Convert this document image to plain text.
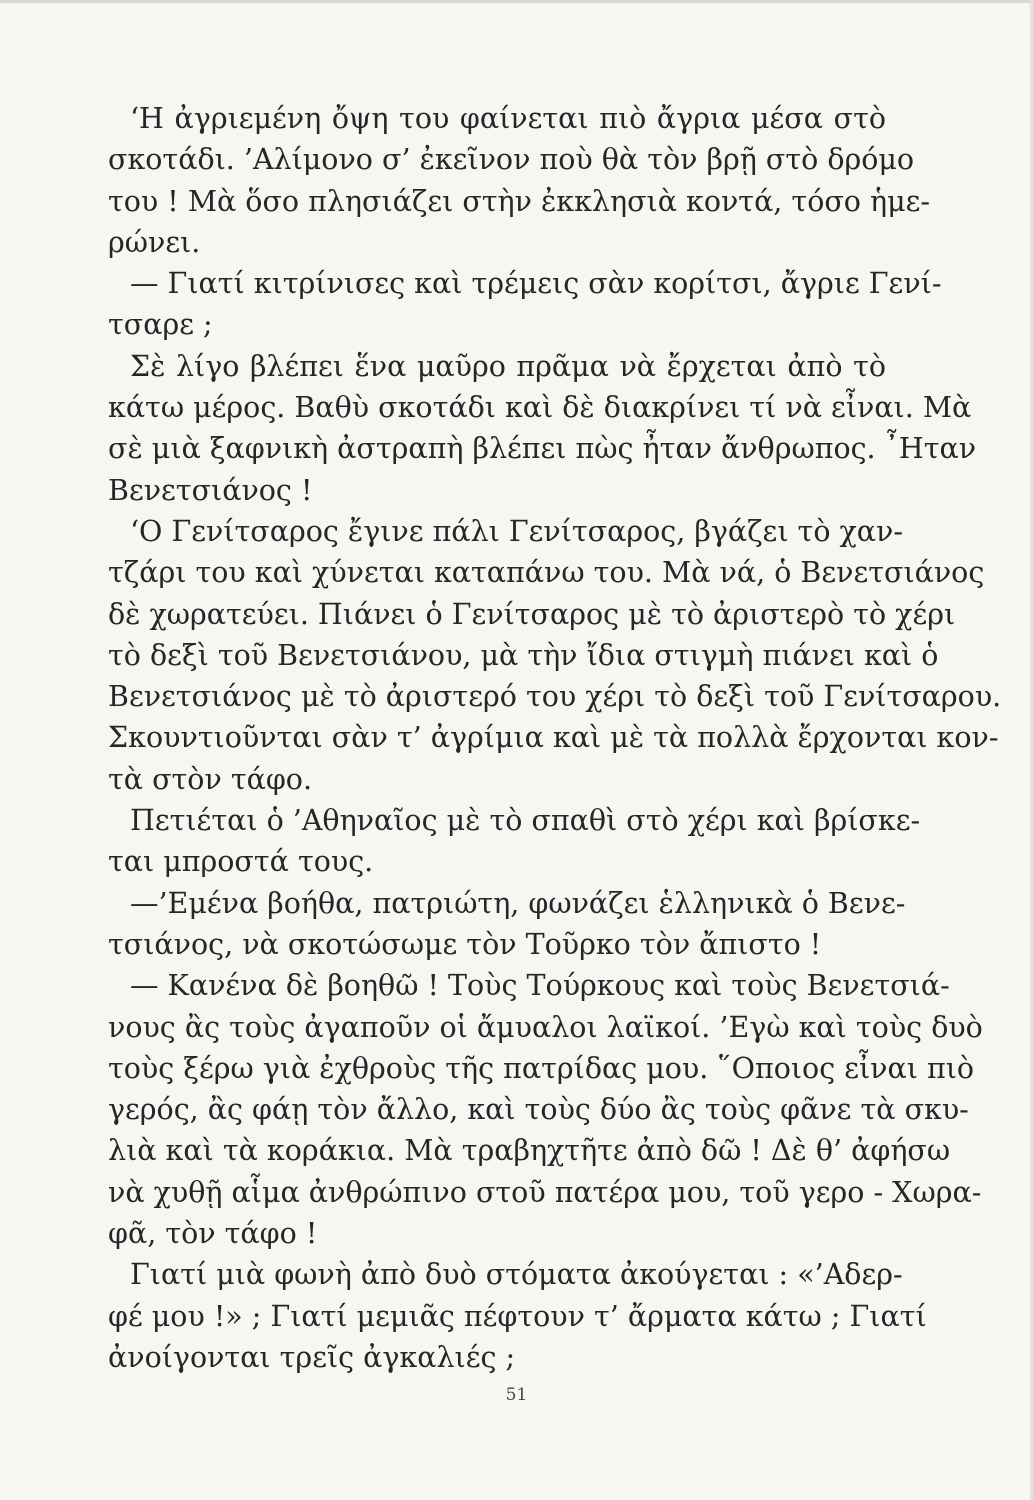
‘Η ἀγριεμένη ὄψη του φαίνεται πιὸ ἄγρια μέσα στὸ
σκοτάδι. ’Αλίμονο σ’ ἐκεῖνον ποὺ θὰ τὸν βρῇ στὸ δρόμο
του ! Μὰ ὅσο πλησιάζει στὴν ἐκκλησιὰ κοντά, τόσο ἡμε-
ρώνει.
— Γιατί κιτρίνισες καὶ τρέμεις σὰν κορίτσι, ἄγριε Γενί-
τσαρε ;
Σὲ λίγο βλέπει ἕνα μαῦρο πρᾶμα νὰ ἔρχεται ἀπὸ τὸ
κάτω μέρος. Βαθὺ σκοτάδι καὶ δὲ διακρίνει τί νὰ εἶναι. Μὰ
σὲ μιὰ ξαφνικὴ ἀστραπὴ βλέπει πὼς ἦταν ἄνθρωπος. ῏Ηταν
Βενετσιάνος !
‘Ο Γενίτσαρος ἔγινε πάλι Γενίτσαρος, βγάζει τὸ χαν-
τζάρι του καὶ χύνεται καταπάνω του. Μὰ νά, ὁ Βενετσιάνος
δὲ χωρατεύει. Πιάνει ὁ Γενίτσαρος μὲ τὸ ἀριστερὸ τὸ χέρι
τὸ δεξὶ τοῦ Βενετσιάνου, μὰ τὴν ἴδια στιγμὴ πιάνει καὶ ὁ
Βενετσιάνος μὲ τὸ ἀριστερό του χέρι τὸ δεξὶ τοῦ Γενίτσαρου.
Σκουντιοῦνται σὰν τ’ ἀγρίμια καὶ μὲ τὰ πολλὰ ἔρχονται κον-
τὰ στὸν τάφο.
Πετιέται ὁ ’Αθηναῖος μὲ τὸ σπαθὶ στὸ χέρι καὶ βρίσκε-
ται μπροστά τους.
—’Εμένα βοήθα, πατριώτη, φωνάζει ἑλληνικὰ ὁ Βενε-
τσιάνος, νὰ σκοτώσωμε τὸν Τοῦρκο τὸν ἄπιστο !
— Κανένα δὲ βοηθῶ ! Τοὺς Τούρκους καὶ τοὺς Βενετσιά-
νους ἂς τοὺς ἀγαποῦν οἱ ἄμυαλοι λαϊκοί. ’Εγὼ καὶ τοὺς δυὸ
τοὺς ξέρω γιὰ ἐχθροὺς τῆς πατρίδας μου. ῞Οποιος εἶναι πιὸ
γερός, ἂς φάῃ τὸν ἄλλο, καὶ τοὺς δύο ἂς τοὺς φᾶνε τὰ σκυ-
λιὰ καὶ τὰ κοράκια. Μὰ τραβηχτῆτε ἀπὸ δῶ ! Δὲ θ’ ἀφήσω
νὰ χυθῇ αἷμα ἀνθρώπινο στοῦ πατέρα μου, τοῦ γερο - Χωρα-
φᾶ, τὸν τάφο !
Γιατί μιὰ φωνὴ ἀπὸ δυὸ στόματα ἀκούγεται : «’Αδερ-
φέ μου !» ; Γιατί μεμιᾶς πέφτουν τ’ ἄρματα κάτω ; Γιατί
ἀνοίγονται τρεῖς ἀγκαλιές ;
51
